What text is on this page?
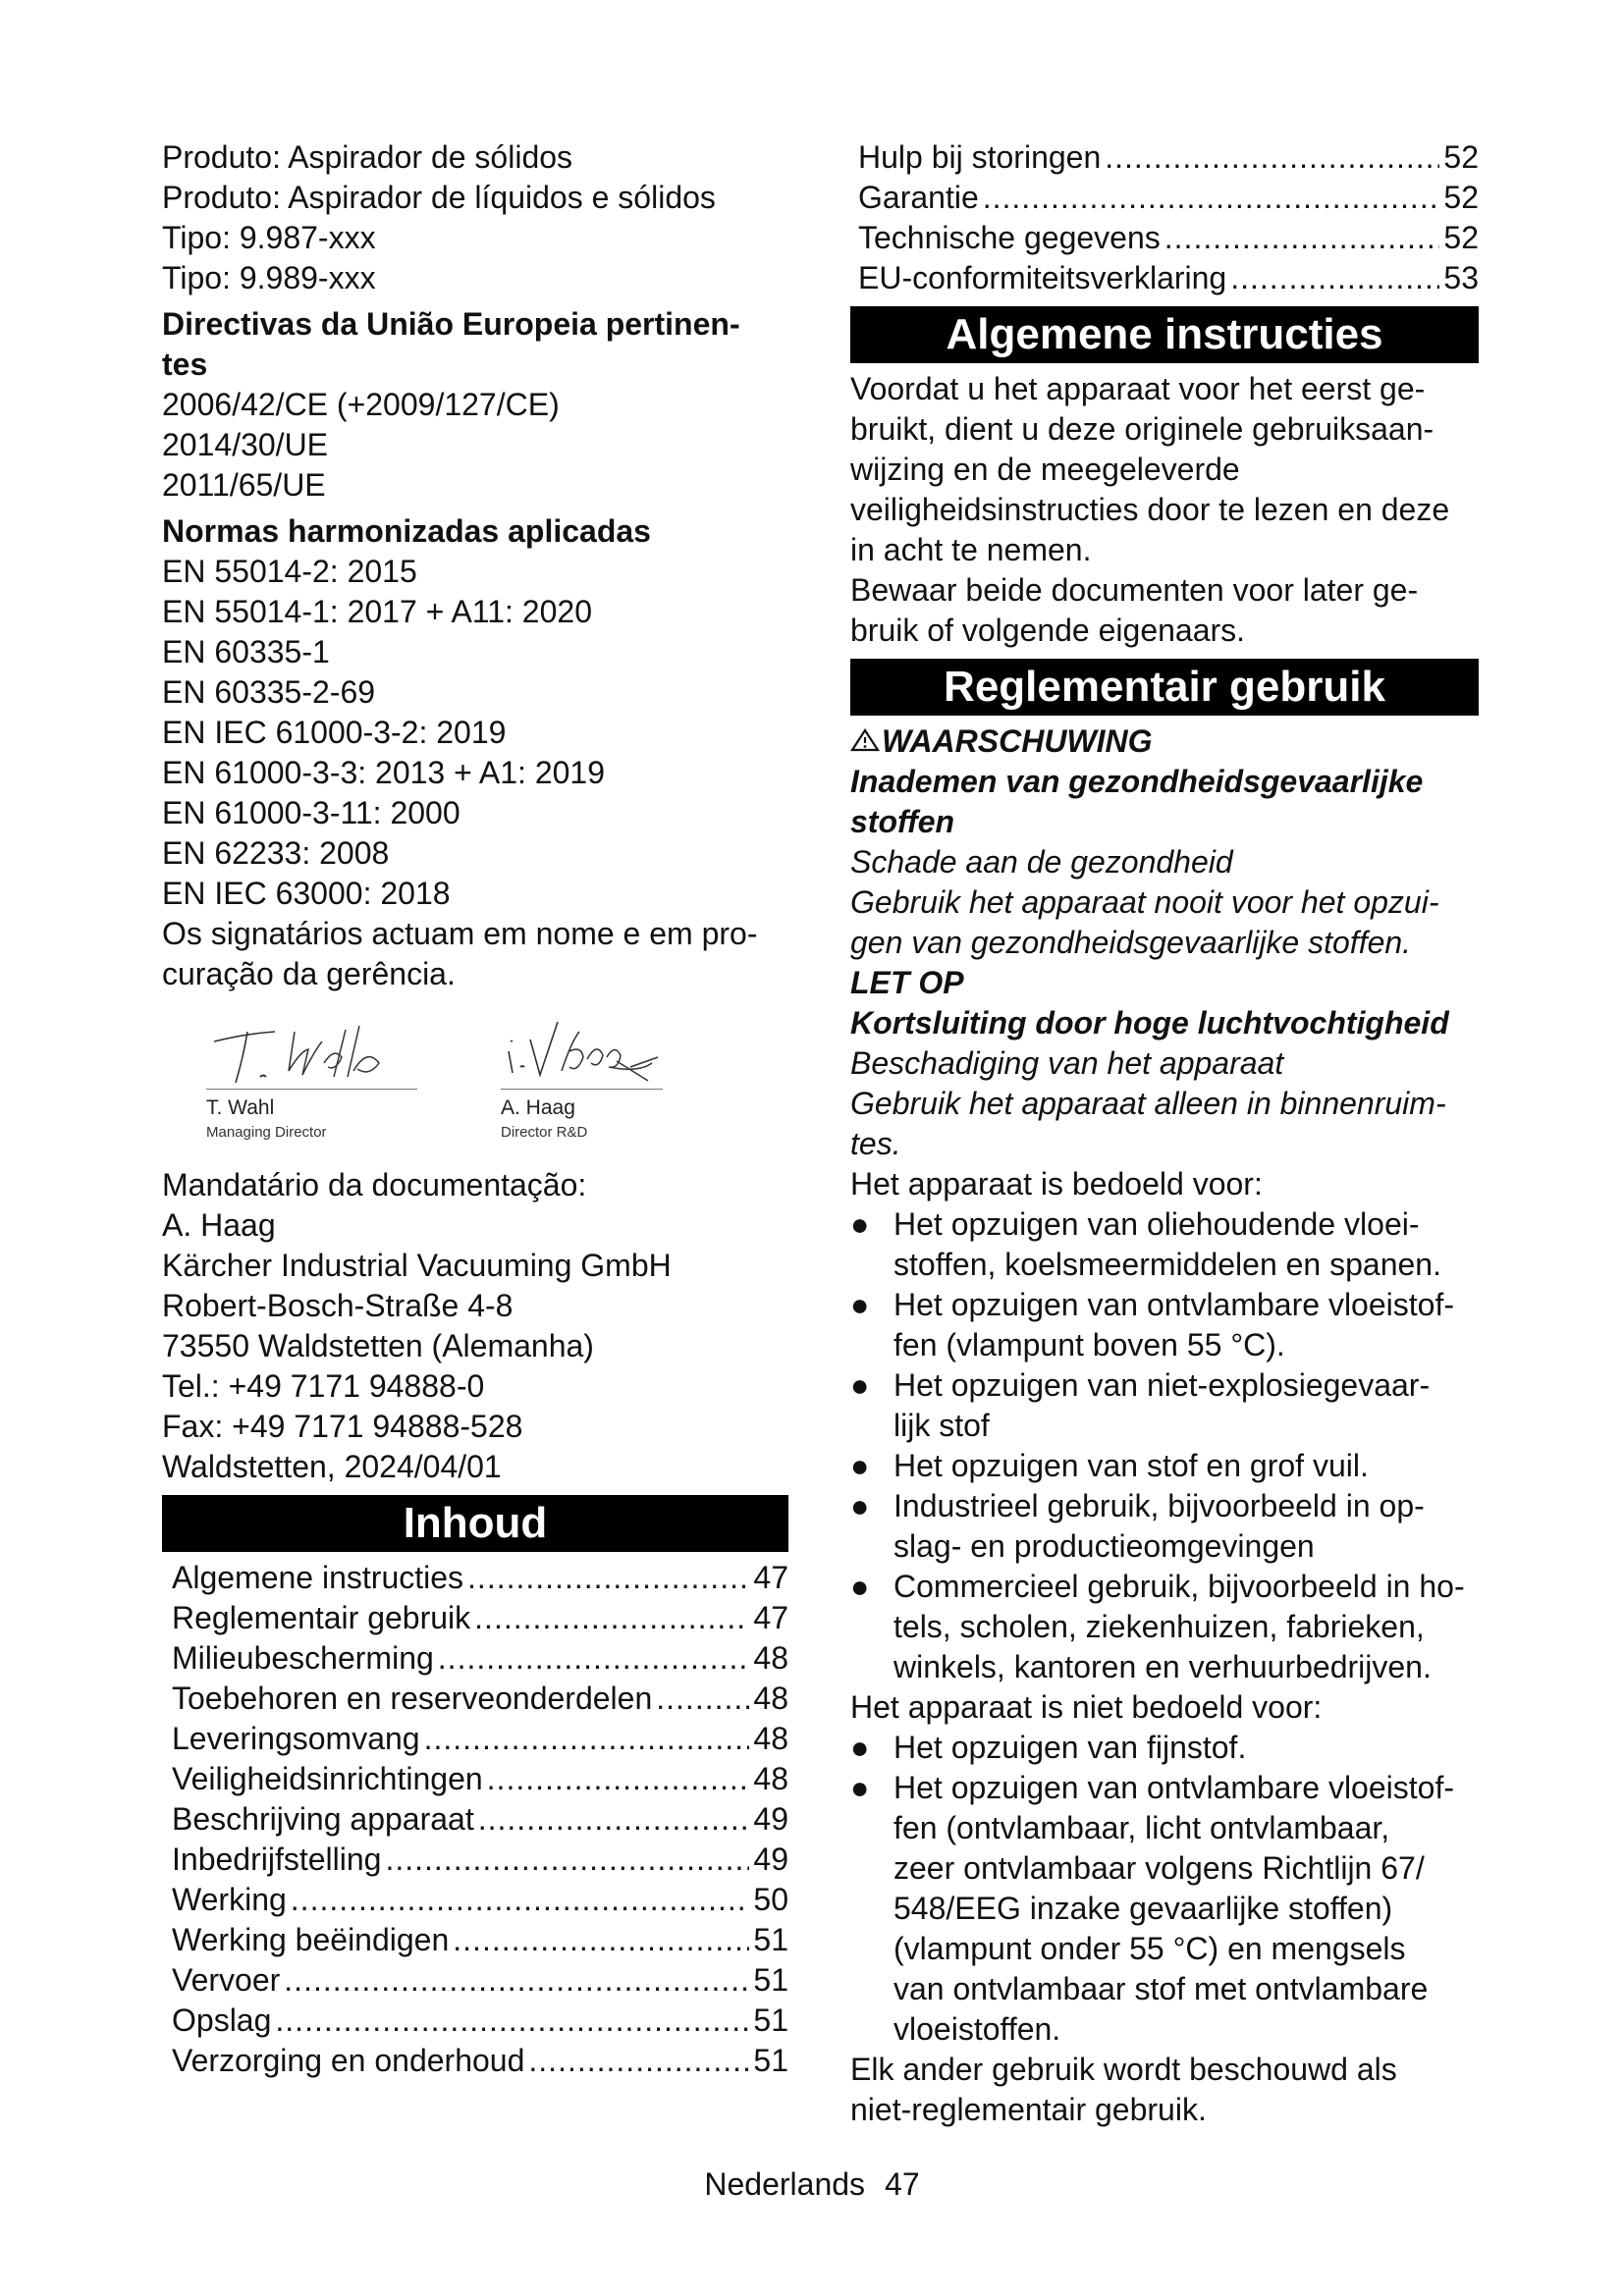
Produto: Aspirador de sólidos
Produto: Aspirador de líquidos e sólidos
Tipo: 9.987-xxx
Tipo: 9.989-xxx
Directivas da União Europeia pertinen-
tes
2006/42/CE (+2009/127/CE)
2014/30/UE
2011/65/UE
Normas harmonizadas aplicadas
EN 55014-2: 2015
EN 55014-1: 2017 + A11: 2020
EN 60335-1
EN 60335-2-69
EN IEC 61000-3-2: 2019
EN 61000-3-3: 2013 + A1: 2019
EN 61000-3-11: 2000
EN 62233: 2008
EN IEC 63000: 2018
Os signatários actuam em nome e em pro-
curação da gerência.
T. Wahl
Managing Director
A. Haag
Director R&D
Mandatário da documentação:
A. Haag
Kärcher Industrial Vacuuming GmbH
Robert-Bosch-Straße 4-8
73550 Waldstetten (Alemanha)
Tel.: +49 7171 94888-0
Fax: +49 7171 94888-528
Waldstetten, 2024/04/01
Inhoud
Algemene instructies .....	47
Reglementair gebruik .....	47
Milieubescherming .....	48
Toebehoren en reserveonderdelen .....	48
Leveringsomvang .....	48
Veiligheidsinrichtingen .....	48
Beschrijving apparaat .....	49
Inbedrijfstelling .....	49
Werking .....	50
Werking beëindigen .....	51
Vervoer .....	51
Opslag .....	51
Verzorging en onderhoud .....	51
Hulp bij storingen .....	52
Garantie .....	52
Technische gegevens .....	52
EU-conformiteitsverklaring .....	53
Algemene instructies
Voordat u het apparaat voor het eerst ge-
bruikt, dient u deze originele gebruiksaan-
wijzing en de meegeleverde
veiligheidsinstructies door te lezen en deze
in acht te nemen.
Bewaar beide documenten voor later ge-
bruik of volgende eigenaars.
Reglementair gebruik
WAARSCHUWING
Inademen van gezondheidsgevaarlijke
stoffen
Schade aan de gezondheid
Gebruik het apparaat nooit voor het opzui-
gen van gezondheidsgevaarlijke stoffen.
LET OP
Kortsluiting door hoge luchtvochtigheid
Beschadiging van het apparaat
Gebruik het apparaat alleen in binnenruim-
tes.
Het apparaat is bedoeld voor:
● Het opzuigen van oliehoudende vloei-
stoffen, koelsmeermiddelen en spanen.
● Het opzuigen van ontvlambare vloeistof-
fen (vlampunt boven 55 °C).
● Het opzuigen van niet-explosiegevaar-
lijk stof
● Het opzuigen van stof en grof vuil.
● Industrieel gebruik, bijvoorbeeld in op-
slag- en productieomgevingen
● Commercieel gebruik, bijvoorbeeld in ho-
tels, scholen, ziekenhuizen, fabrieken,
winkels, kantoren en verhuurbedrijven.
Het apparaat is niet bedoeld voor:
● Het opzuigen van fijnstof.
● Het opzuigen van ontvlambare vloeistof-
fen (ontvlambaar, licht ontvlambaar,
zeer ontvlambaar volgens Richtlijn 67/
548/EEG inzake gevaarlijke stoffen)
(vlampunt onder 55 °C) en mengsels
van ontvlambaar stof met ontvlambare
vloeistoffen.
Elk ander gebruik wordt beschouwd als
niet-reglementair gebruik.
Nederlands 47
